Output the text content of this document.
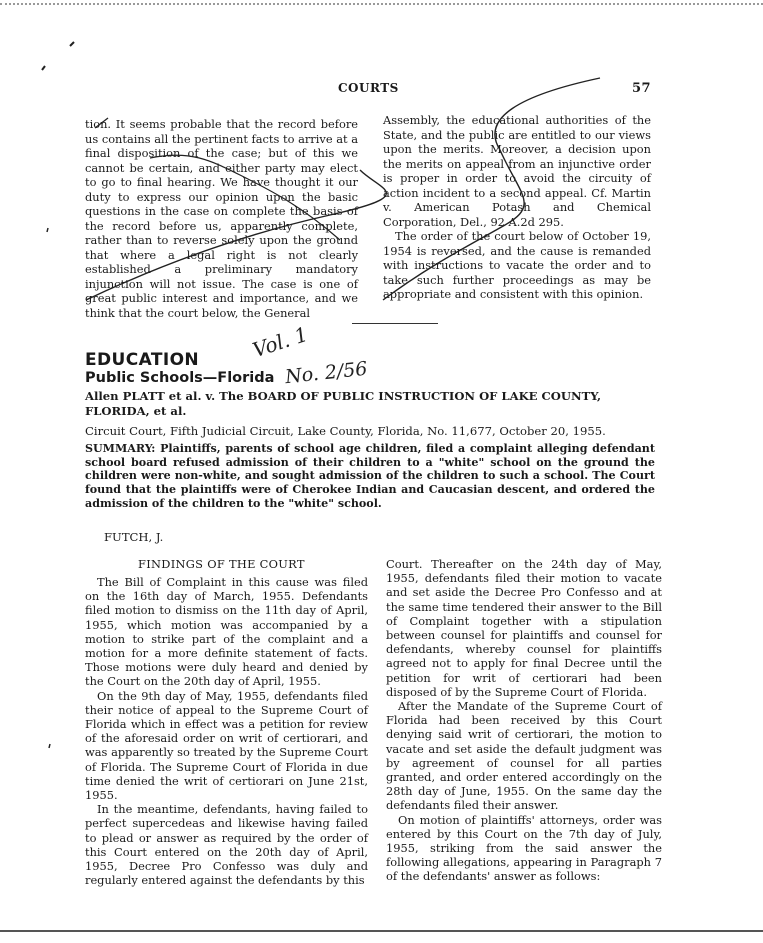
COURTS	57

tion. It seems probable that the record before us contains all the pertinent facts to arrive at a final disposition of the case; but of this we cannot be certain, and either party may elect to go to final hearing. We have thought it our duty to express our opinion upon the basic questions in the case on complete the basis of the record before us, apparently complete, rather than to reverse solely upon the ground that where a legal right is not clearly established a preliminary mandatory injunction will not issue. The case is one of great public interest and importance, and we think that the court below, the General

Assembly, the educational authorities of the State, and the public are entitled to our views upon the merits. Moreover, a decision upon the merits on appeal from an injunctive order is proper in order to avoid the circuity of action incident to a second appeal. Cf. Martin v. American Potash and Chemical Corporation, Del., 92 A.2d 295.

The order of the court below of October 19, 1954 is reversed, and the cause is remanded with instructions to vacate the order and to take such further proceedings as may be appropriate and consistent with this opinion.

EDUCATION
Public Schools—Florida
Vol. 1
No. 2/56
Allen PLATT et al. v. The BOARD OF PUBLIC INSTRUCTION OF LAKE COUNTY, FLORIDA, et al.
Circuit Court, Fifth Judicial Circuit, Lake County, Florida, No. 11,677, October 20, 1955.
SUMMARY: Plaintiffs, parents of school age children, filed a complaint alleging defendant school board refused admission of their children to a "white" school on the ground the children were non-white, and sought admission of the children to such a school. The Court found that the plaintiffs were of Cherokee Indian and Caucasian descent, and ordered the admission of the children to the "white" school.
FUTCH, J.
FINDINGS OF THE COURT

The Bill of Complaint in this cause was filed on the 16th day of March, 1955. Defendants filed motion to dismiss on the 11th day of April, 1955, which motion was accompanied by a motion to strike part of the complaint and a motion for a more definite statement of facts. Those motions were duly heard and denied by the Court on the 20th day of April, 1955.

On the 9th day of May, 1955, defendants filed their notice of appeal to the Supreme Court of Florida which in effect was a petition for review of the aforesaid order on writ of certiorari, and was apparently so treated by the Supreme Court of Florida. The Supreme Court of Florida in due time denied the writ of certiorari on June 21st, 1955.

In the meantime, defendants, having failed to perfect supercedeas and likewise having failed to plead or answer as required by the order of this Court entered on the 20th day of April, 1955, Decree Pro Confesso was duly and regularly entered against the defendants by this

Court. Thereafter on the 24th day of May, 1955, defendants filed their motion to vacate and set aside the Decree Pro Confesso and at the same time tendered their answer to the Bill of Complaint together with a stipulation between counsel for plaintiffs and counsel for defendants, whereby counsel for plaintiffs agreed not to apply for final Decree until the petition for writ of certiorari had been disposed of by the Supreme Court of Florida.

After the Mandate of the Supreme Court of Florida had been received by this Court denying said writ of certiorari, the motion to vacate and set aside the default judgment was by agreement of counsel for all parties granted, and order entered accordingly on the 28th day of June, 1955. On the same day the defendants filed their answer.

On motion of plaintiffs' attorneys, order was entered by this Court on the 7th day of July, 1955, striking from the said answer the following allegations, appearing in Paragraph 7 of the defendants' answer as follows:
